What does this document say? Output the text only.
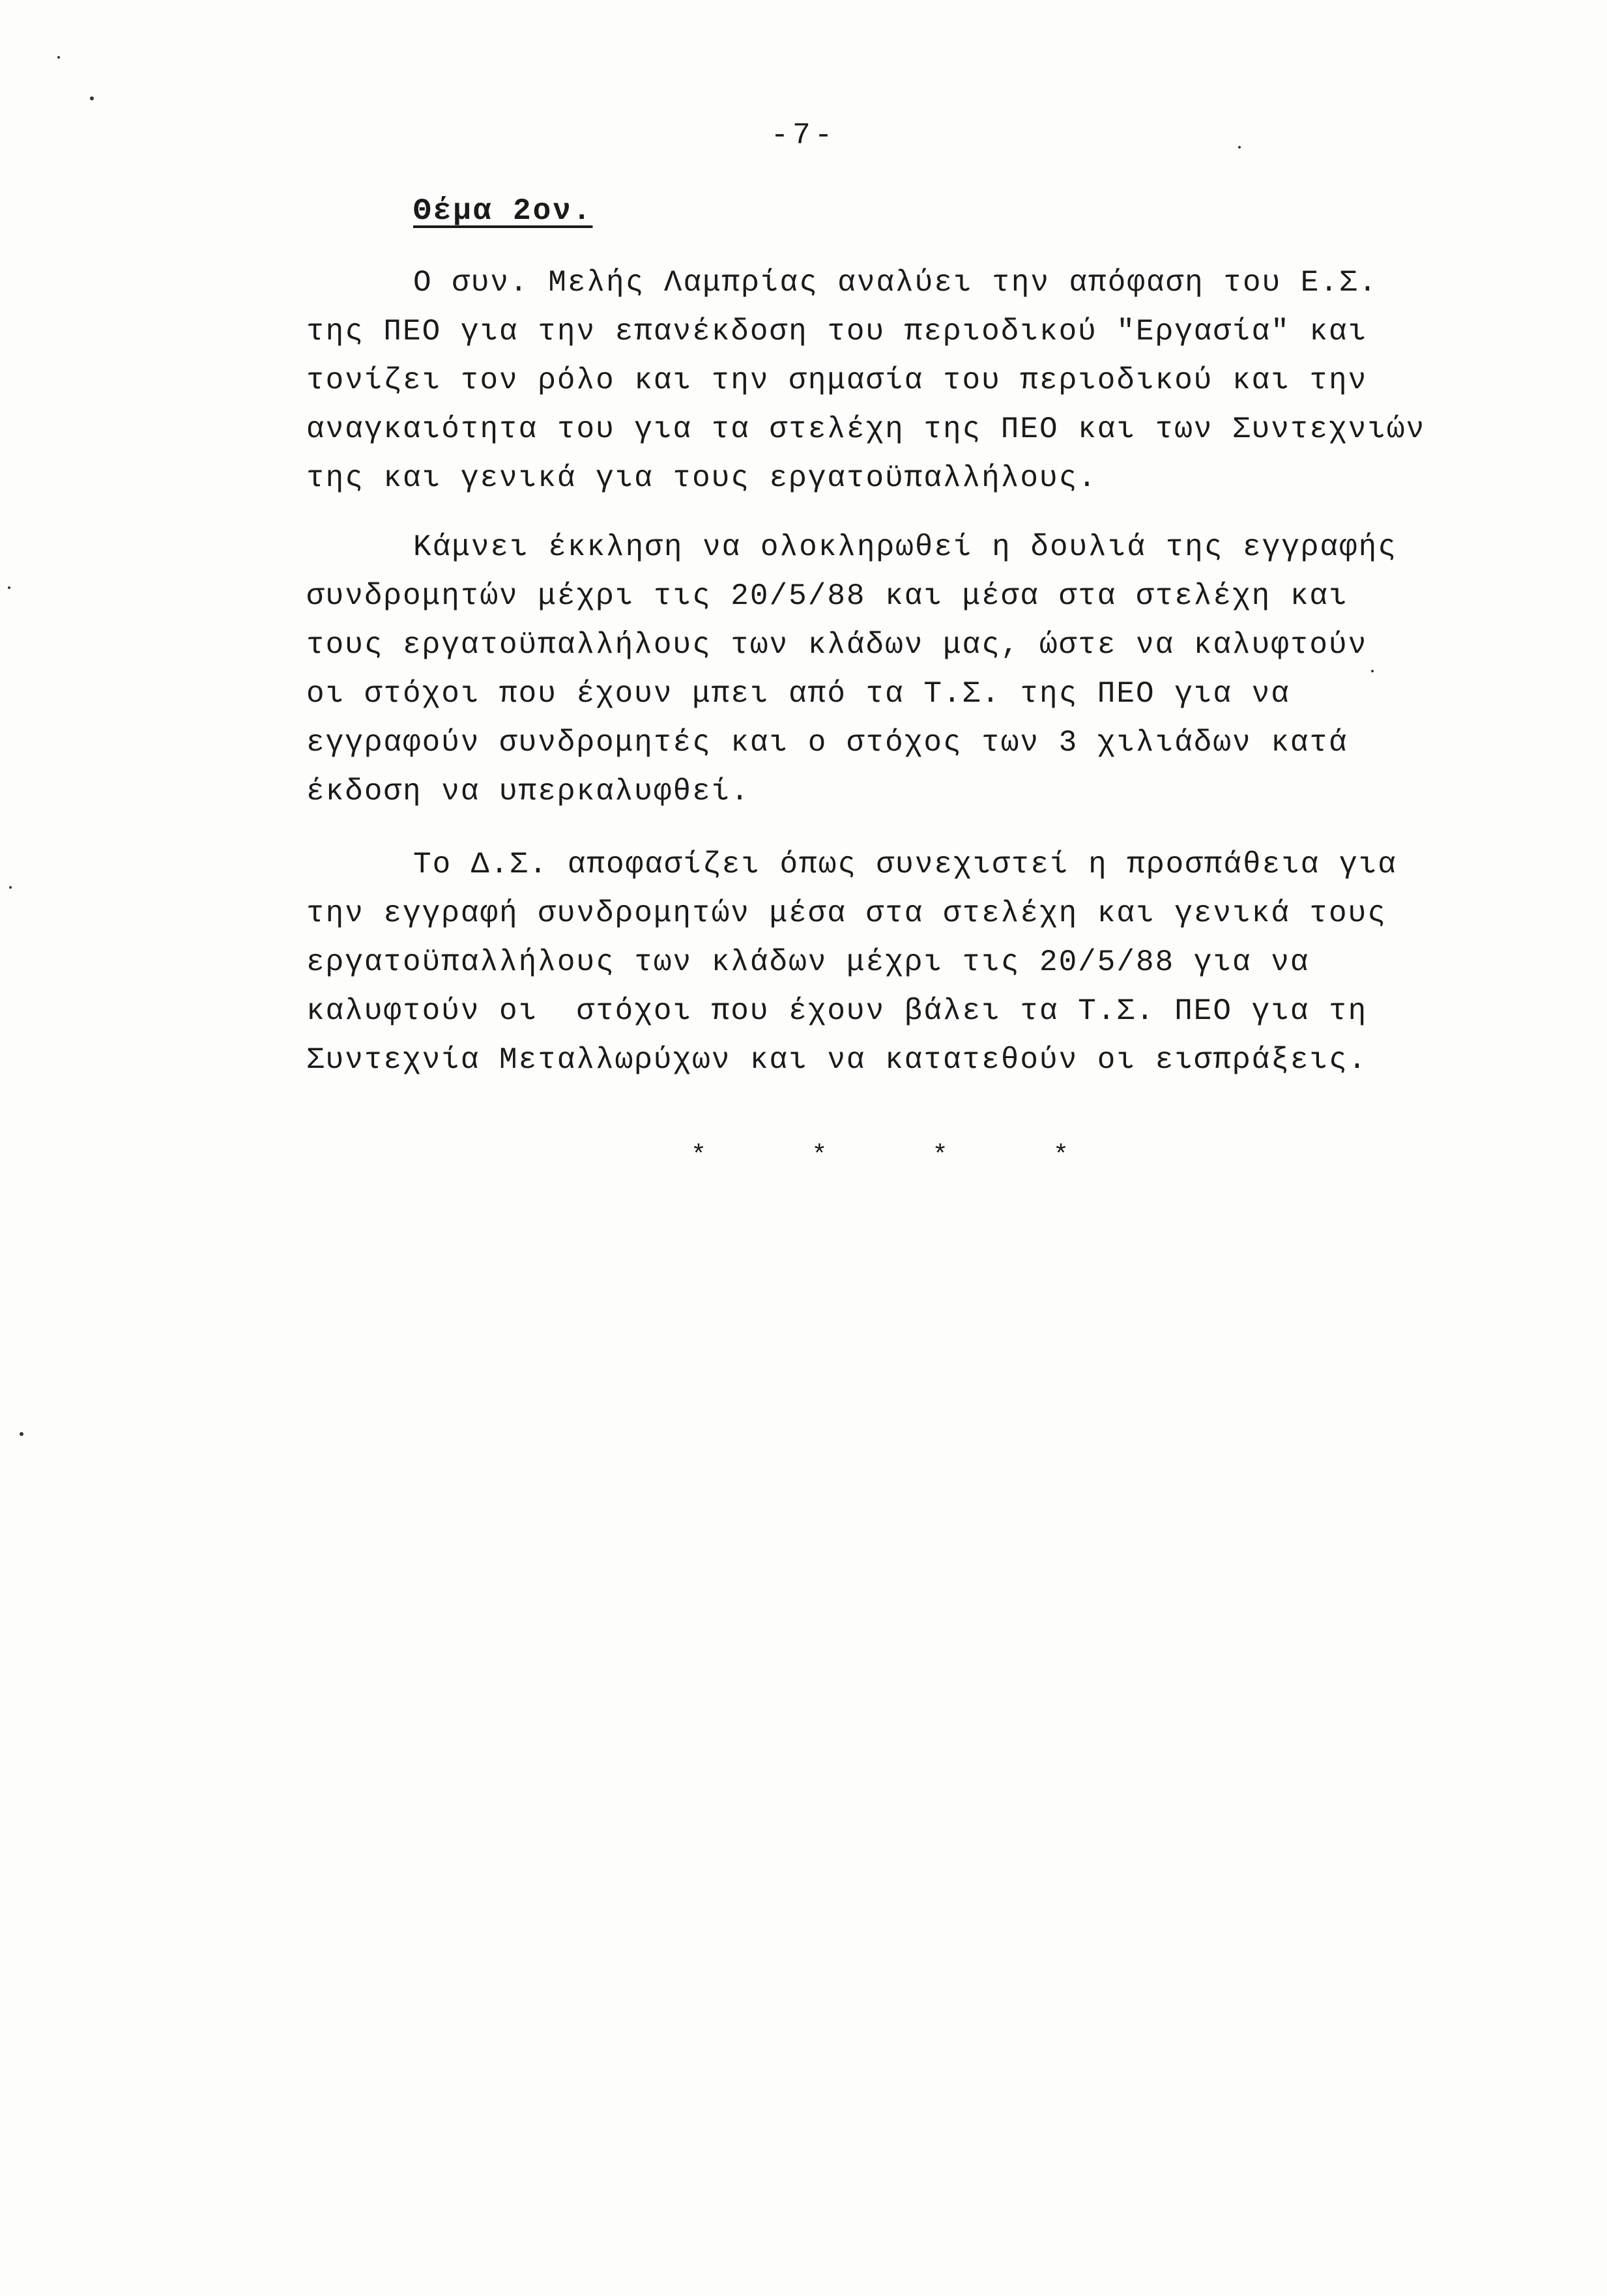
-7-
Θέμα 2ον.
Ο συν. Μελής Λαμπρίας αναλύει την απόφαση του Ε.Σ.
της ΠΕΟ για την επανέκδοση του περιοδικού "Εργασία" και
τονίζει τον ρόλο και την σημασία του περιοδικού και την
αναγκαιότητα του για τα στελέχη της ΠΕΟ και των Συντεχνιών
της και γενικά για τους εργατοϋπαλλήλους.
Κάμνει έκκληση να ολοκληρωθεί η δουλιά της εγγραφής
συνδρομητών μέχρι τις 20/5/88 και μέσα στα στελέχη και
τους εργατοϋπαλλήλους των κλάδων μας, ώστε να καλυφτούν
οι στόχοι που έχουν μπει από τα Τ.Σ. της ΠΕΟ για να
εγγραφούν συνδρομητές και ο στόχος των 3 χιλιάδων κατά
έκδοση να υπερκαλυφθεί.
Το Δ.Σ. αποφασίζει όπως συνεχιστεί η προσπάθεια για
την εγγραφή συνδρομητών μέσα στα στελέχη και γενικά τους
εργατοϋπαλλήλους των κλάδων μέχρι τις 20/5/88 για να
καλυφτούν οι  στόχοι που έχουν βάλει τα Τ.Σ. ΠΕΟ για τη
Συντεχνία Μεταλλωρύχων και να κατατεθούν οι εισπράξεις.
*	*	*	*
